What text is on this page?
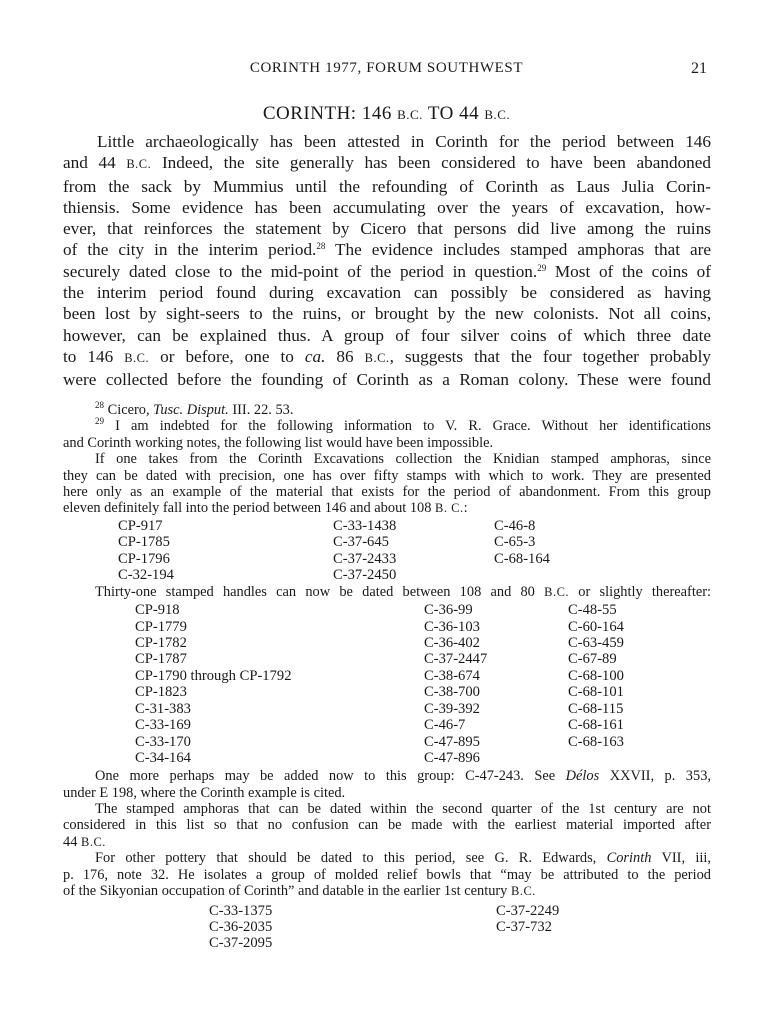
CORINTH 1977, FORUM SOUTHWEST	21
CORINTH: 146 B.C. TO 44 B.C.
Little archaeologically has been attested in Corinth for the period between 146
and 44 B.C. Indeed, the site generally has been considered to have been abandoned
from the sack by Mummius until the refounding of Corinth as Laus Julia Corin-
thiensis. Some evidence has been accumulating over the years of excavation, how-
ever, that reinforces the statement by Cicero that persons did live among the ruins
of the city in the interim period.$^{28}$ The evidence includes stamped amphoras that are
securely dated close to the mid-point of the period in question.$^{29}$ Most of the coins of
the interim period found during excavation can possibly be considered as having
been lost by sight-seers to the ruins, or brought by the new colonists. Not all coins,
however, can be explained thus. A group of four silver coins of which three date
to 146 B.C. or before, one to ca. 86 B.C., suggests that the four together probably
were collected before the founding of Corinth as a Roman colony. These were found
$^{28}$ Cicero, Tusc. Disput. III. 22. 53.
$^{29}$ I am indebted for the following information to V. R. Grace. Without her identifications
and Corinth working notes, the following list would have been impossible.
If one takes from the Corinth Excavations collection the Knidian stamped amphoras, since
they can be dated with precision, one has over fifty stamps with which to work. They are presented
here only as an example of the material that exists for the period of abandonment. From this group
eleven definitely fall into the period between 146 and about 108 B. C.:
CP-917
CP-1785
CP-1796
C-32-194
C-33-1438
C-37-645
C-37-2433
C-37-2450
C-46-8
C-65-3
C-68-164
Thirty-one stamped handles can now be dated between 108 and 80 B.C. or slightly thereafter:
CP-918
CP-1779
CP-1782
CP-1787
CP-1790 through CP-1792
CP-1823
C-31-383
C-33-169
C-33-170
C-34-164
C-36-99
C-36-103
C-36-402
C-37-2447
C-38-674
C-38-700
C-39-392
C-46-7
C-47-895
C-47-896
C-48-55
C-60-164
C-63-459
C-67-89
C-68-100
C-68-101
C-68-115
C-68-161
C-68-163
One more perhaps may be added now to this group: C-47-243. See Délos XXVII, p. 353,
under E 198, where the Corinth example is cited.
The stamped amphoras that can be dated within the second quarter of the 1st century are not
considered in this list so that no confusion can be made with the earliest material imported after
44 B.C.
For other pottery that should be dated to this period, see G. R. Edwards, Corinth VII, iii,
p. 176, note 32. He isolates a group of molded relief bowls that “may be attributed to the period
of the Sikyonian occupation of Corinth” and datable in the earlier 1st century B.C.
C-33-1375
C-36-2035
C-37-2095
C-37-2249
C-37-732
